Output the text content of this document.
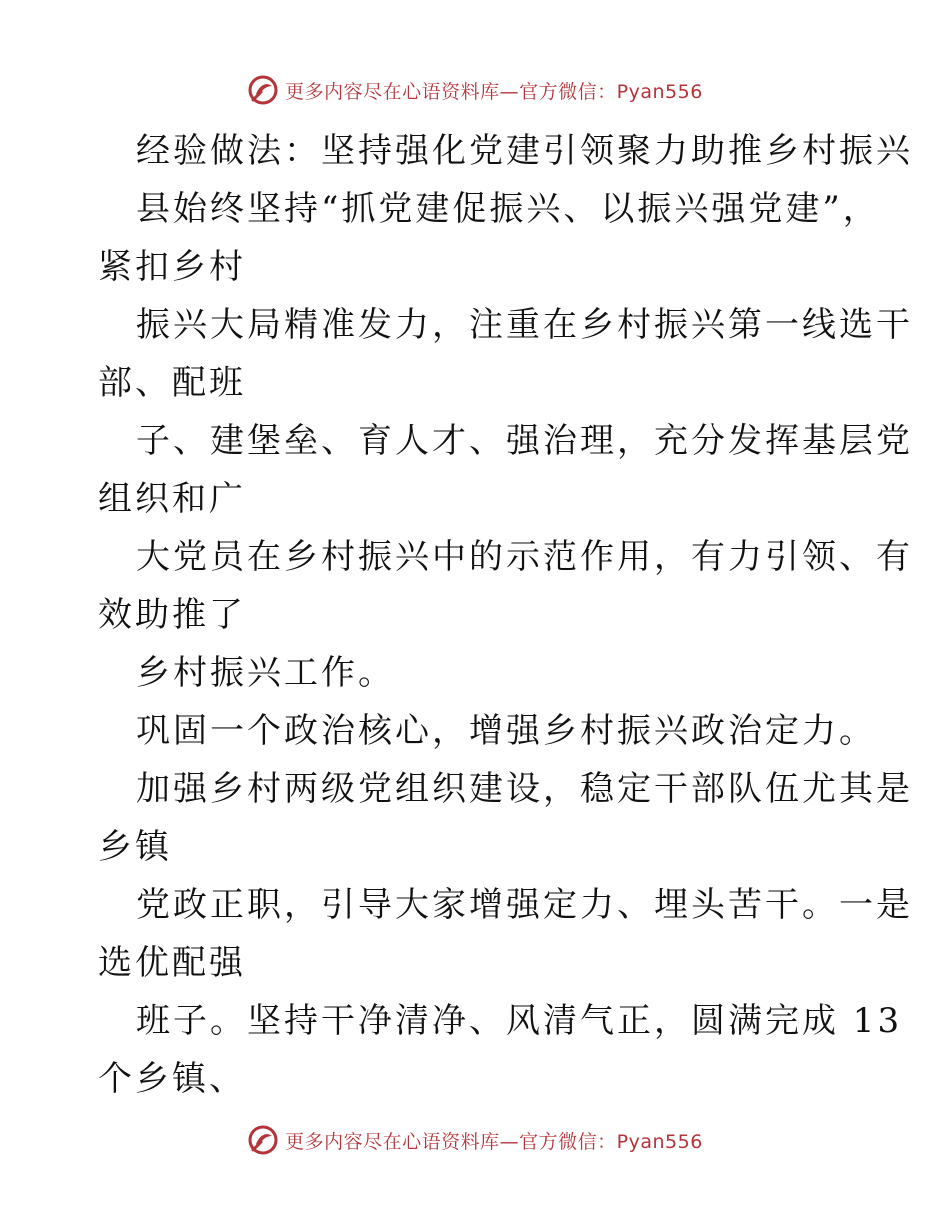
更多内容尽在心语资料库—官方微信：Pyan556
经验做法：坚持强化党建引领聚力助推乡村振兴
县始终坚持“抓党建促振兴、以振兴强党建”，
紧扣乡村
振兴大局精准发力，注重在乡村振兴第一线选干
部、配班
子、建堡垒、育人才、强治理，充分发挥基层党
组织和广
大党员在乡村振兴中的示范作用，有力引领、有
效助推了
乡村振兴工作。
巩固一个政治核心，增强乡村振兴政治定力。
加强乡村两级党组织建设，稳定干部队伍尤其是
乡镇
党政正职，引导大家增强定力、埋头苦干。一是
选优配强
班子。坚持干净清净、风清气正，圆满完成 13
个乡镇、
更多内容尽在心语资料库—官方微信：Pyan556
